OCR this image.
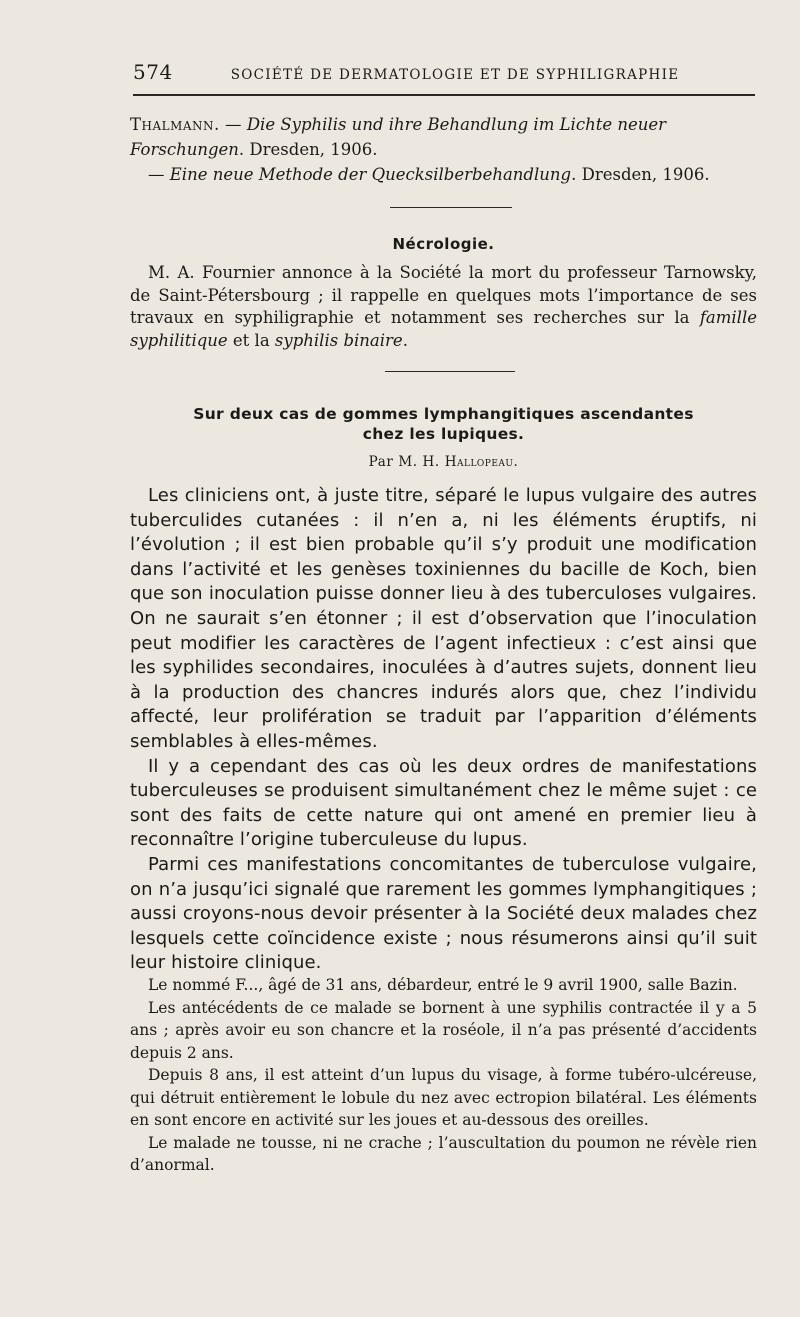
574	SOCIÉTÉ DE DERMATOLOGIE ET DE SYPHILIGRAPHIE

Thalmann. — Die Syphilis und ihre Behandlung im Lichte neuer Forschungen. Dresden, 1906.

— Eine neue Methode der Quecksilberbehandlung. Dresden, 1906.

Nécrologie.

M. A. Fournier annonce à la Société la mort du professeur Tarnowsky, de Saint-Pétersbourg ; il rappelle en quelques mots l’importance de ses travaux en syphiligraphie et notamment ses recherches sur la famille syphilitique et la syphilis binaire.

Sur deux cas de gommes lymphangitiques ascendantes
chez les lupiques.
Par M. H. Hallopeau.

Les cliniciens ont, à juste titre, séparé le lupus vulgaire des autres tuberculides cutanées : il n’en a, ni les éléments éruptifs, ni l’évolution ; il est bien probable qu’il s’y produit une modification dans l’activité et les genèses toxiniennes du bacille de Koch, bien que son inoculation puisse donner lieu à des tuberculoses vulgaires. On ne saurait s’en étonner ; il est d’observation que l’inoculation peut modifier les caractères de l’agent infectieux : c’est ainsi que les syphilides secondaires, inoculées à d’autres sujets, donnent lieu à la production des chancres indurés alors que, chez l’individu affecté, leur prolifération se traduit par l’apparition d’éléments semblables à elles-mêmes.

Il y a cependant des cas où les deux ordres de manifestations tuberculeuses se produisent simultanément chez le même sujet : ce sont des faits de cette nature qui ont amené en premier lieu à reconnaître l’origine tuberculeuse du lupus.

Parmi ces manifestations concomitantes de tuberculose vulgaire, on n’a jusqu’ici signalé que rarement les gommes lymphangitiques ; aussi croyons-nous devoir présenter à la Société deux malades chez lesquels cette coïncidence existe ; nous résumerons ainsi qu’il suit leur histoire clinique.

Le nommé F..., âgé de 31 ans, débardeur, entré le 9 avril 1900, salle Bazin.

Les antécédents de ce malade se bornent à une syphilis contractée il y a 5 ans ; après avoir eu son chancre et la roséole, il n’a pas présenté d’accidents depuis 2 ans.

Depuis 8 ans, il est atteint d’un lupus du visage, à forme tubéro-ulcéreuse, qui détruit entièrement le lobule du nez avec ectropion bilatéral. Les éléments en sont encore en activité sur les joues et au-dessous des oreilles.

Le malade ne tousse, ni ne crache ; l’auscultation du poumon ne révèle rien d’anormal.
